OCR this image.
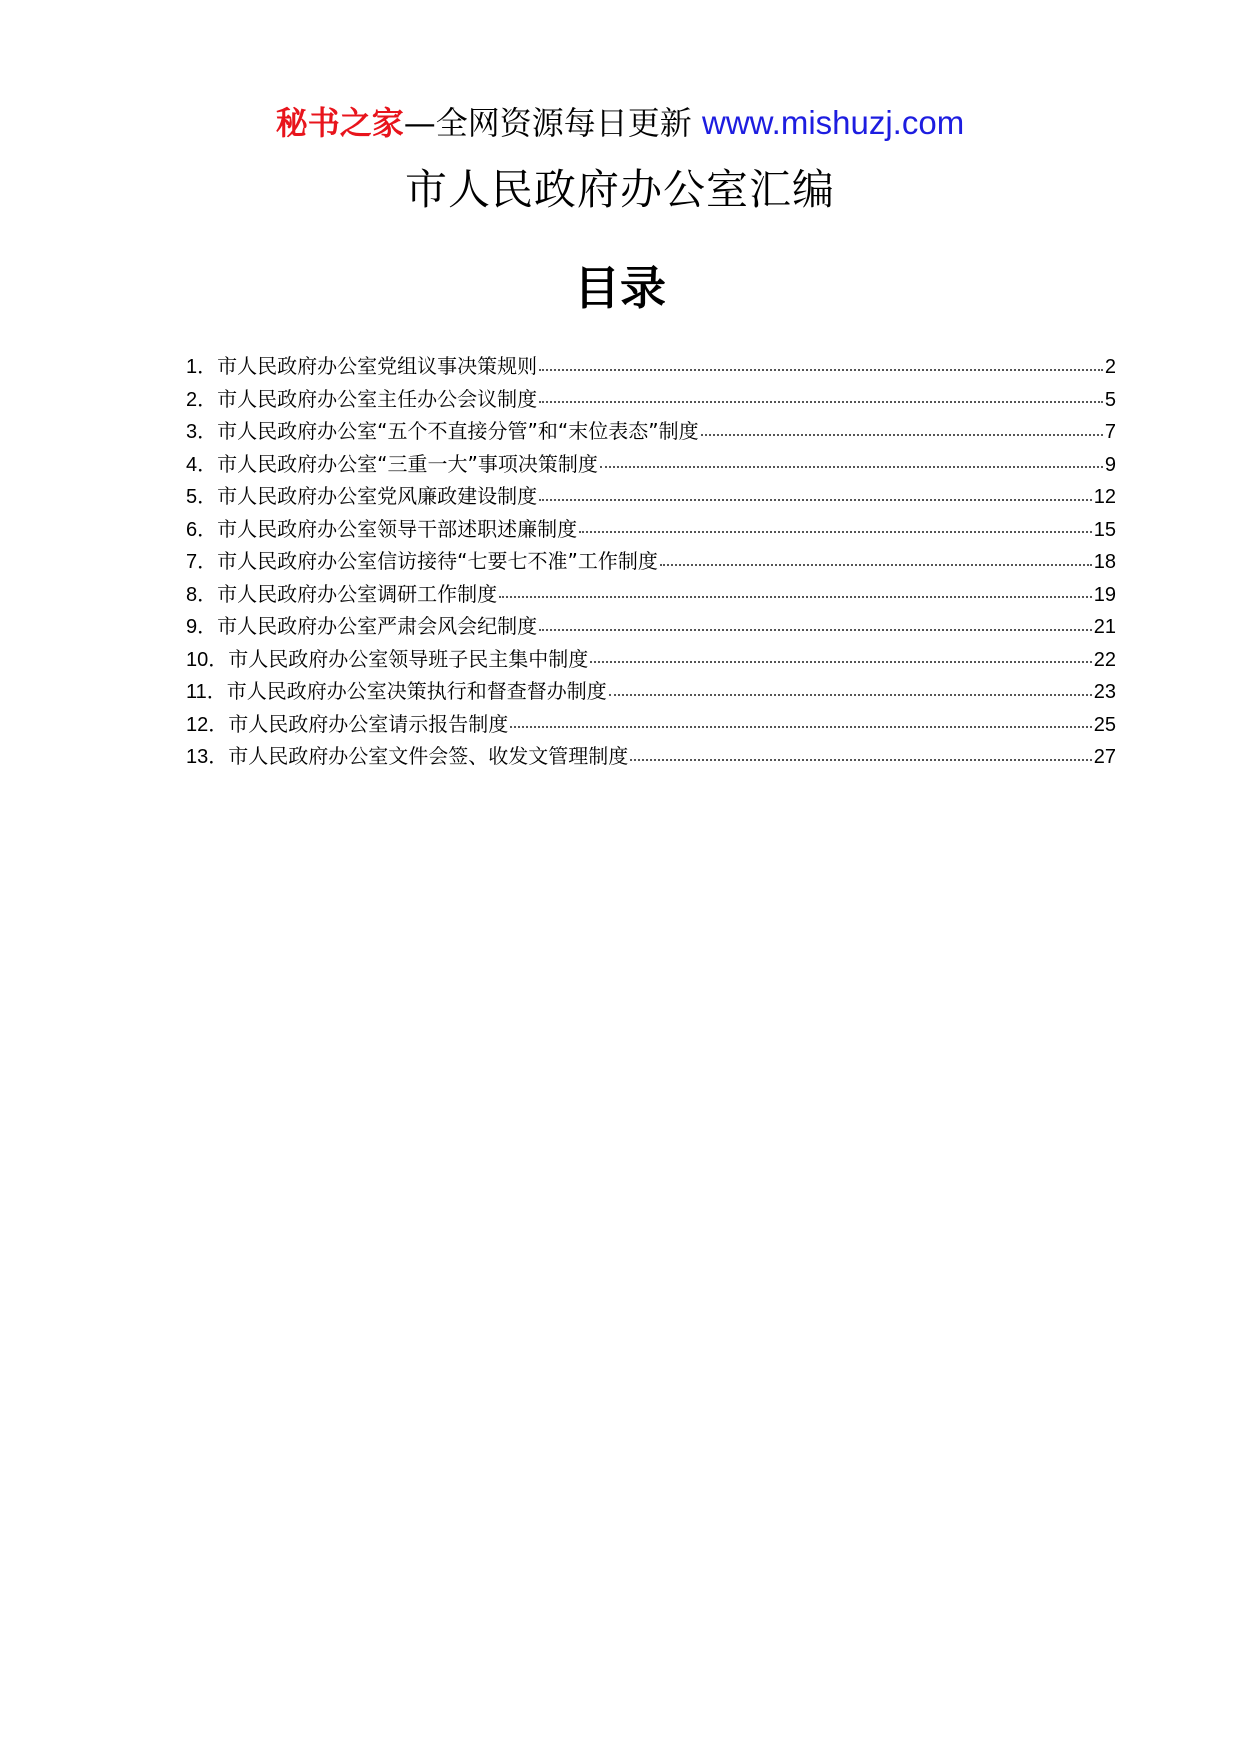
秘书之家—全网资源每日更新 www.mishuzj.com
市人民政府办公室汇编
目录
1． 市人民政府办公室党组议事决策规则	2
2． 市人民政府办公室主任办公会议制度	5
3． 市人民政府办公室“五个不直接分管”和“末位表态”制度	7
4． 市人民政府办公室“三重一大”事项决策制度	9
5． 市人民政府办公室党风廉政建设制度	12
6． 市人民政府办公室领导干部述职述廉制度	15
7． 市人民政府办公室信访接待“七要七不准”工作制度	18
8． 市人民政府办公室调研工作制度	19
9． 市人民政府办公室严肃会风会纪制度	21
10． 市人民政府办公室领导班子民主集中制度	22
11． 市人民政府办公室决策执行和督查督办制度	23
12． 市人民政府办公室请示报告制度	25
13． 市人民政府办公室文件会签、收发文管理制度	27
